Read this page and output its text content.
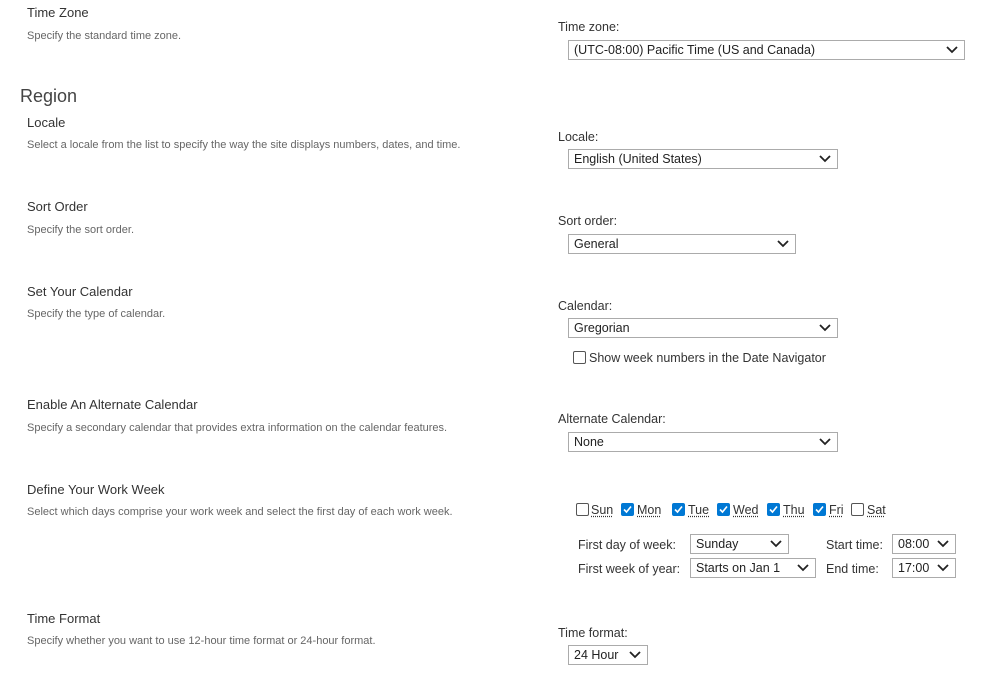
Time Zone
Specify the standard time zone.
Time zone:
(UTC-08:00) Pacific Time (US and Canada)
Region
Locale
Select a locale from the list to specify the way the site displays numbers, dates, and time.
Locale:
English (United States)
Sort Order
Specify the sort order.
Sort order:
General
Set Your Calendar
Specify the type of calendar.
Calendar:
Gregorian
Show week numbers in the Date Navigator
Enable An Alternate Calendar
Specify a secondary calendar that provides extra information on the calendar features.
Alternate Calendar:
None
Define Your Work Week
Select which days comprise your work week and select the first day of each work week.	Sun Mon Tue Wed Thu Fri Sat
First day of week:	Sunday	Start time:	08:00
First week of year:	Starts on Jan 1	End time:	17:00
Time Format
Specify whether you want to use 12-hour time format or 24-hour format.
Time format:
24 Hour
